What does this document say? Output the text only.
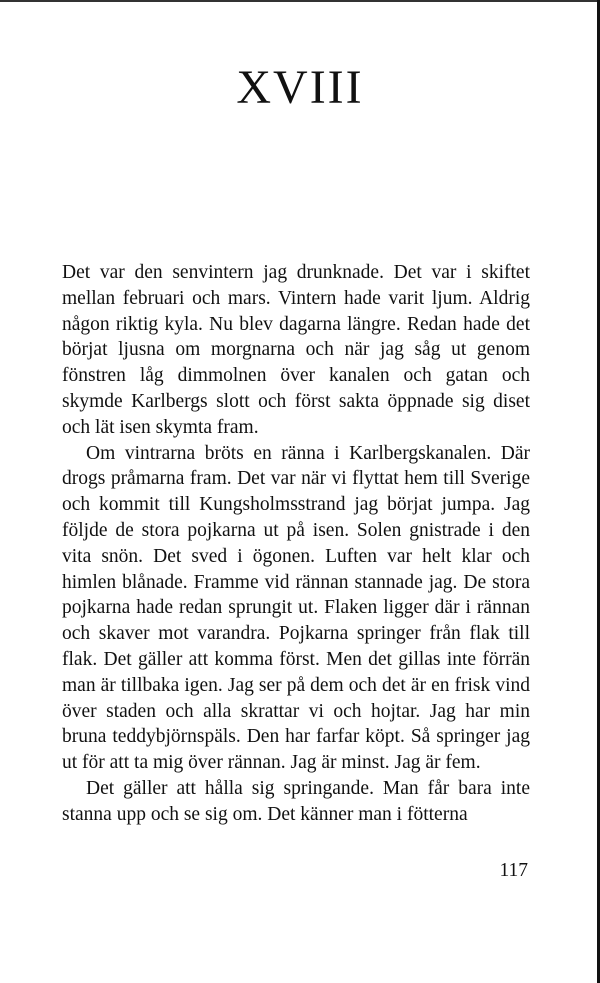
XVIII

Det var den senvintern jag drunknade. Det var i skiftet mellan februari och mars. Vintern hade varit ljum. Aldrig någon riktig kyla. Nu blev dagarna längre. Redan hade det börjat ljusna om morgnarna och när jag såg ut genom fönstren låg dimmolnen över kanalen och gatan och skymde Karlbergs slott och först sakta öppnade sig diset och lät isen skymta fram.

Om vintrarna bröts en ränna i Karlbergskanalen. Där drogs pråmarna fram. Det var när vi flyttat hem till Sverige och kommit till Kungsholmsstrand jag börjat jumpa. Jag följde de stora pojkarna ut på isen. Solen gnistrade i den vita snön. Det sved i ögonen. Luften var helt klar och himlen blånade. Framme vid rännan stannade jag. De stora pojkarna hade redan sprungit ut. Flaken ligger där i rännan och skaver mot varandra. Pojkarna springer från flak till flak. Det gäller att komma först. Men det gillas inte förrän man är tillbaka igen. Jag ser på dem och det är en frisk vind över staden och alla skrattar vi och hojtar. Jag har min bruna teddybjörnspäls. Den har farfar köpt. Så springer jag ut för att ta mig över rännan. Jag är minst. Jag är fem.

Det gäller att hålla sig springande. Man får bara inte stanna upp och se sig om. Det känner man i fötterna

117
